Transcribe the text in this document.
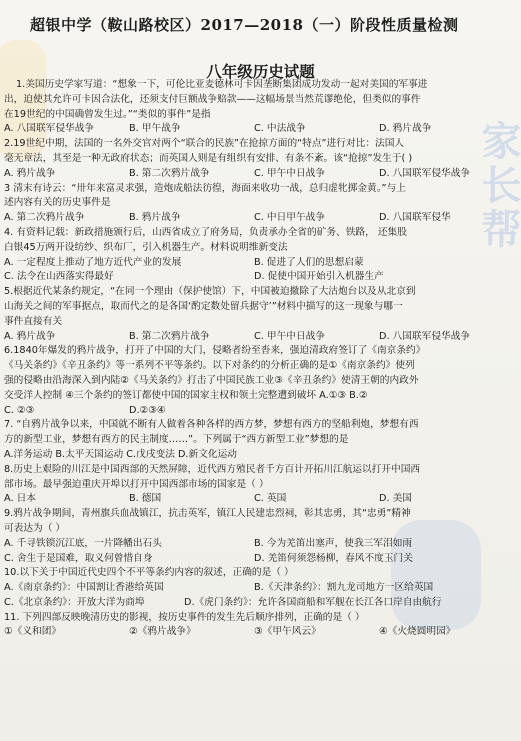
家长帮
超银中学（鞍山路校区）2017—2018（一）阶段性质量检测
八年级历史试题
1.美国历史学家写道：“想象一下，可伦比亚麦德林可卡因垄断集团成功发动一起对美国的军事进
出，迫使其允许可卡因合法化，还须支付巨额战争赔款——这幅场景当然荒谬绝伦，但类似的事件
在19世纪的中国确曾发生过。”“类似的事件”是指
A. 八国联军侵华战争	B. 甲午战争	C. 中法战争	D. 鸦片战争
2.19世纪中期，法国的一名外交官对两个“联合的民族”在抢掠方面的“特点”进行对比：法国人
毫无章法，其至是一种无政府状态；而英国人则是有组织有安排、有条不紊。该“抢掠”发生于( )
A. 鸦片战争	B. 第二次鸦片战争	C. 甲午中日战争	D. 八国联军侵华战争
3 清末有诗云：“卅年来富灵求强，造炮成船法彷徨，海面来收功一战，总归虚牝掷金黄。”与上
述内容有关的历史事件是
A. 第二次鸦片战争	B. 鸦片战争	C. 中日甲午战争	D. 八国联军侵华
4. 有资料记载：新政措施颁行后，山西省成立了府务局，负责承办全省的矿务、铁路， 还集股
白银45万两开设纺纱、织布厂，引入机器生产。材料说明维新变法
A. 一定程度上推动了地方近代产业的发展	B. 促进了人们的思想启蒙
C. 法令在山西落实得最好	D. 促使中国开始引入机器生产
5.根据近代某条约规定，“在同一个理由（保护使馆）下，中国被迫撤除了大沽炮台以及从北京到
山海关之间的军事据点，取而代之的是各国‘酌定数处留兵据守’”材料中描写的这一现象与哪一
事件直接有关
A. 鸦片战争	B. 第二次鸦片战争	C. 甲午中日战争	D. 八国联军侵华战争
6.1840年爆发的鸦片战争，打开了中国的大门，侵略者纷至沓来，强迫清政府签订了《南京条约》
《马关条约》《辛丑条约》等一系列不平等条约。以下对条约的分析正确的是①《南京条约》使列
强的侵略由沿海深入到内陆②《马关条约》打击了中国民族工业③《辛丑条约》使清王朝的内政外
交受洋人控制 ④三个条约的签订都使中国的国家主权和领土完整遭到破坏 A.①③ B.②
C. ②③	D.②③④
7. “自鸦片战争以来，中国就不断有人做着各种各样的西方梦，梦想有西方的坚船利炮，梦想有西
方的新型工业，梦想有西方的民主制度……”。下列属于“西方新型工业”梦想的是
A.洋务运动 B.太平天国运动 C.戊戌变法 D.新文化运动
8.历史上艰险的川江是中国西部的天然屏障，近代西方殖民者千方百计开拓川江航运以打开中国西
部市场。最早强迫重庆开埠以打开中国西部市场的国家是（ ）
A. 日本	B. 德国	C. 英国	D. 美国
9.鸦片战争期间，青州旗兵血战镇江，抗击英军，镇江人民建忠烈祠，彰其忠勇，其“忠勇”精神
可表达为（ ）
A. 千寻铁锁沉江底，一片降幡出石头	B. 今为羌笛出塞声，使我三军泪如雨
C. 舍生于是国难，取义何曾惜自身	D. 羌笛何须怨杨柳，春风不度玉门关
10.以下关于中国近代史四个不平等条约内容的叙述，正确的是（ ）
A.《南京条约》：中国割让香港给英国	B.《天津条约》：割九龙司地方一区给英国
C.《北京条约》：开放大洋为商埠	D.《虎门条约》：允许各国商船和军舰在长江各口岸自由航行
11. 下列四部反映晚清历史的影视，按历史事件的发生先后顺序排列，正确的是（ ）
①《义和团》	②《鸦片战争》	③《甲午风云》	④《火烧圆明园》
